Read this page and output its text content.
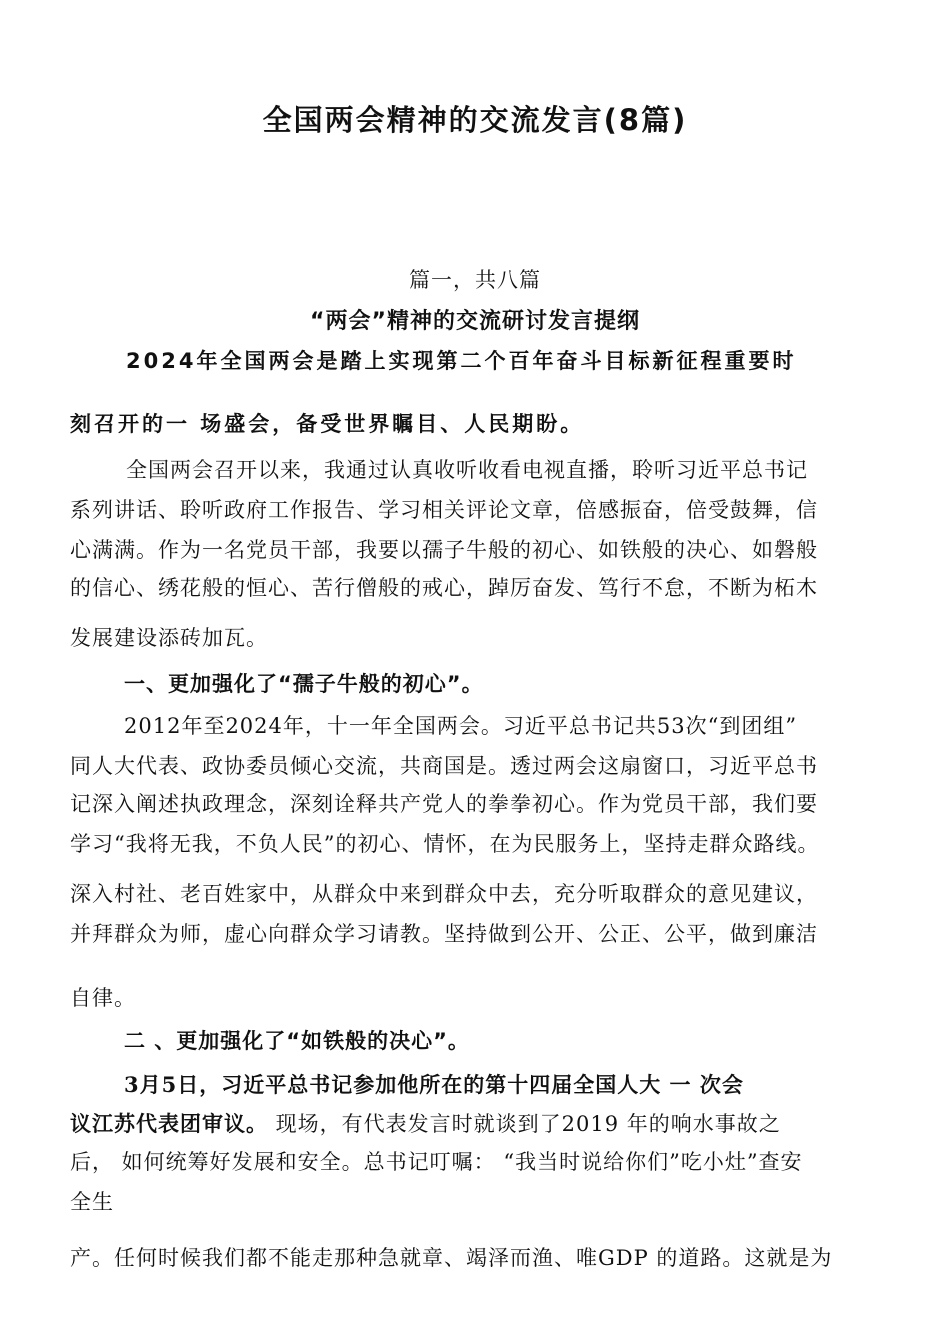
全国两会精神的交流发言(8篇)
篇一，共八篇
“两会”精神的交流研讨发言提纲
2024年全国两会是踏上实现第二个百年奋斗目标新征程重要时
刻召开的一 场盛会，备受世界瞩目、人民期盼。
全国两会召开以来，我通过认真收听收看电视直播，聆听习近平总书记
系列讲话、聆听政府工作报告、学习相关评论文章，倍感振奋，倍受鼓舞，信
心满满。作为一名党员干部，我要以孺子牛般的初心、如铁般的决心、如磐般
的信心、绣花般的恒心、苦行僧般的戒心，踔厉奋发、笃行不怠，不断为柘木
发展建设添砖加瓦。
一、更加强化了“孺子牛般的初心”。
2012年至2024年，十一年全国两会。习近平总书记共53次“到团组”
同人大代表、政协委员倾心交流，共商国是。透过两会这扇窗口，习近平总书
记深入阐述执政理念，深刻诠释共产党人的拳拳初心。作为党员干部，我们要
学习“我将无我，不负人民”的初心、情怀，在为民服务上，坚持走群众路线。
深入村社、老百姓家中，从群众中来到群众中去，充分听取群众的意见建议，
并拜群众为师，虚心向群众学习请教。坚持做到公开、公正、公平，做到廉洁
自律。
二 、更加强化了“如铁般的决心”。
3月5日，习近平总书记参加他所在的第十四届全国人大 一 次会
议江苏代表团审议。 现场，有代表发言时就谈到了2019 年的响水事故之
后， 如何统筹好发展和安全。总书记叮嘱： “我当时说给你们”吃小灶”查安
全生
产。任何时候我们都不能走那种急就章、竭泽而渔、唯GDP 的道路。这就是为
